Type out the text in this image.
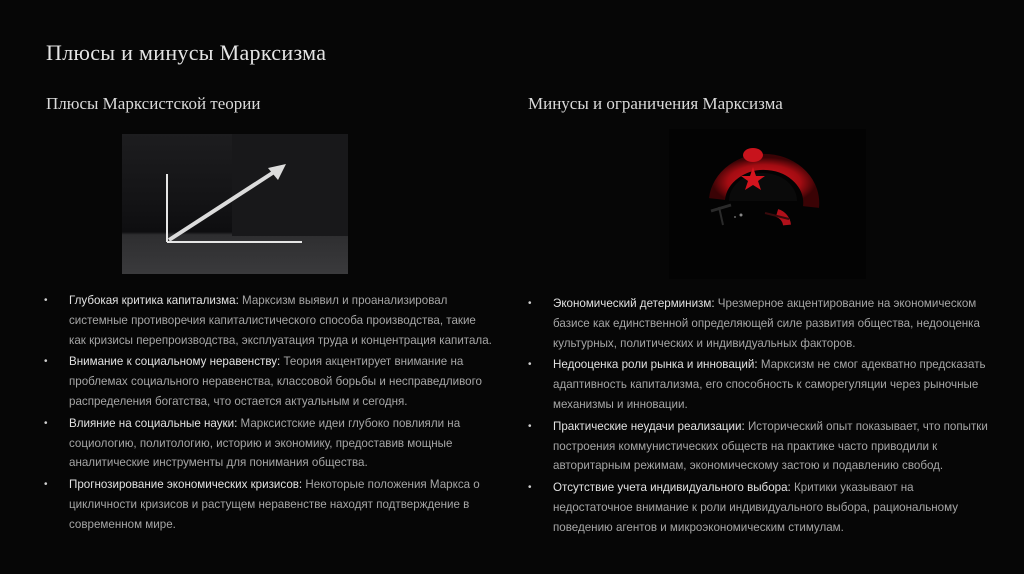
Плюсы и минусы Марксизма
Плюсы Марксистской теории	Минусы и ограничения Марксизма
• Глубокая критика капитализма: Марксизм выявил и проанализировал системные противоречия капиталистического способа производства, такие как кризисы перепроизводства, эксплуатация труда и концентрация капитала.
• Внимание к социальному неравенству: Теория акцентирует внимание на проблемах социального неравенства, классовой борьбы и несправедливого распределения богатства, что остается актуальным и сегодня.
• Влияние на социальные науки: Марксистские идеи глубоко повлияли на социологию, политологию, историю и экономику, предоставив мощные аналитические инструменты для понимания общества.
• Прогнозирование экономических кризисов: Некоторые положения Маркса о цикличности кризисов и растущем неравенстве находят подтверждение в современном мире.
• Экономический детерминизм: Чрезмерное акцентирование на экономическом базисе как единственной определяющей силе развития общества, недооценка культурных, политических и индивидуальных факторов.
• Недооценка роли рынка и инноваций: Марксизм не смог адекватно предсказать адаптивность капитализма, его способность к саморегуляции через рыночные механизмы и инновации.
• Практические неудачи реализации: Исторический опыт показывает, что попытки построения коммунистических обществ на практике часто приводили к авторитарным режимам, экономическому застою и подавлению свобод.
• Отсутствие учета индивидуального выбора: Критики указывают на недостаточное внимание к роли индивидуального выбора, рациональному поведению агентов и микроэкономическим стимулам.
